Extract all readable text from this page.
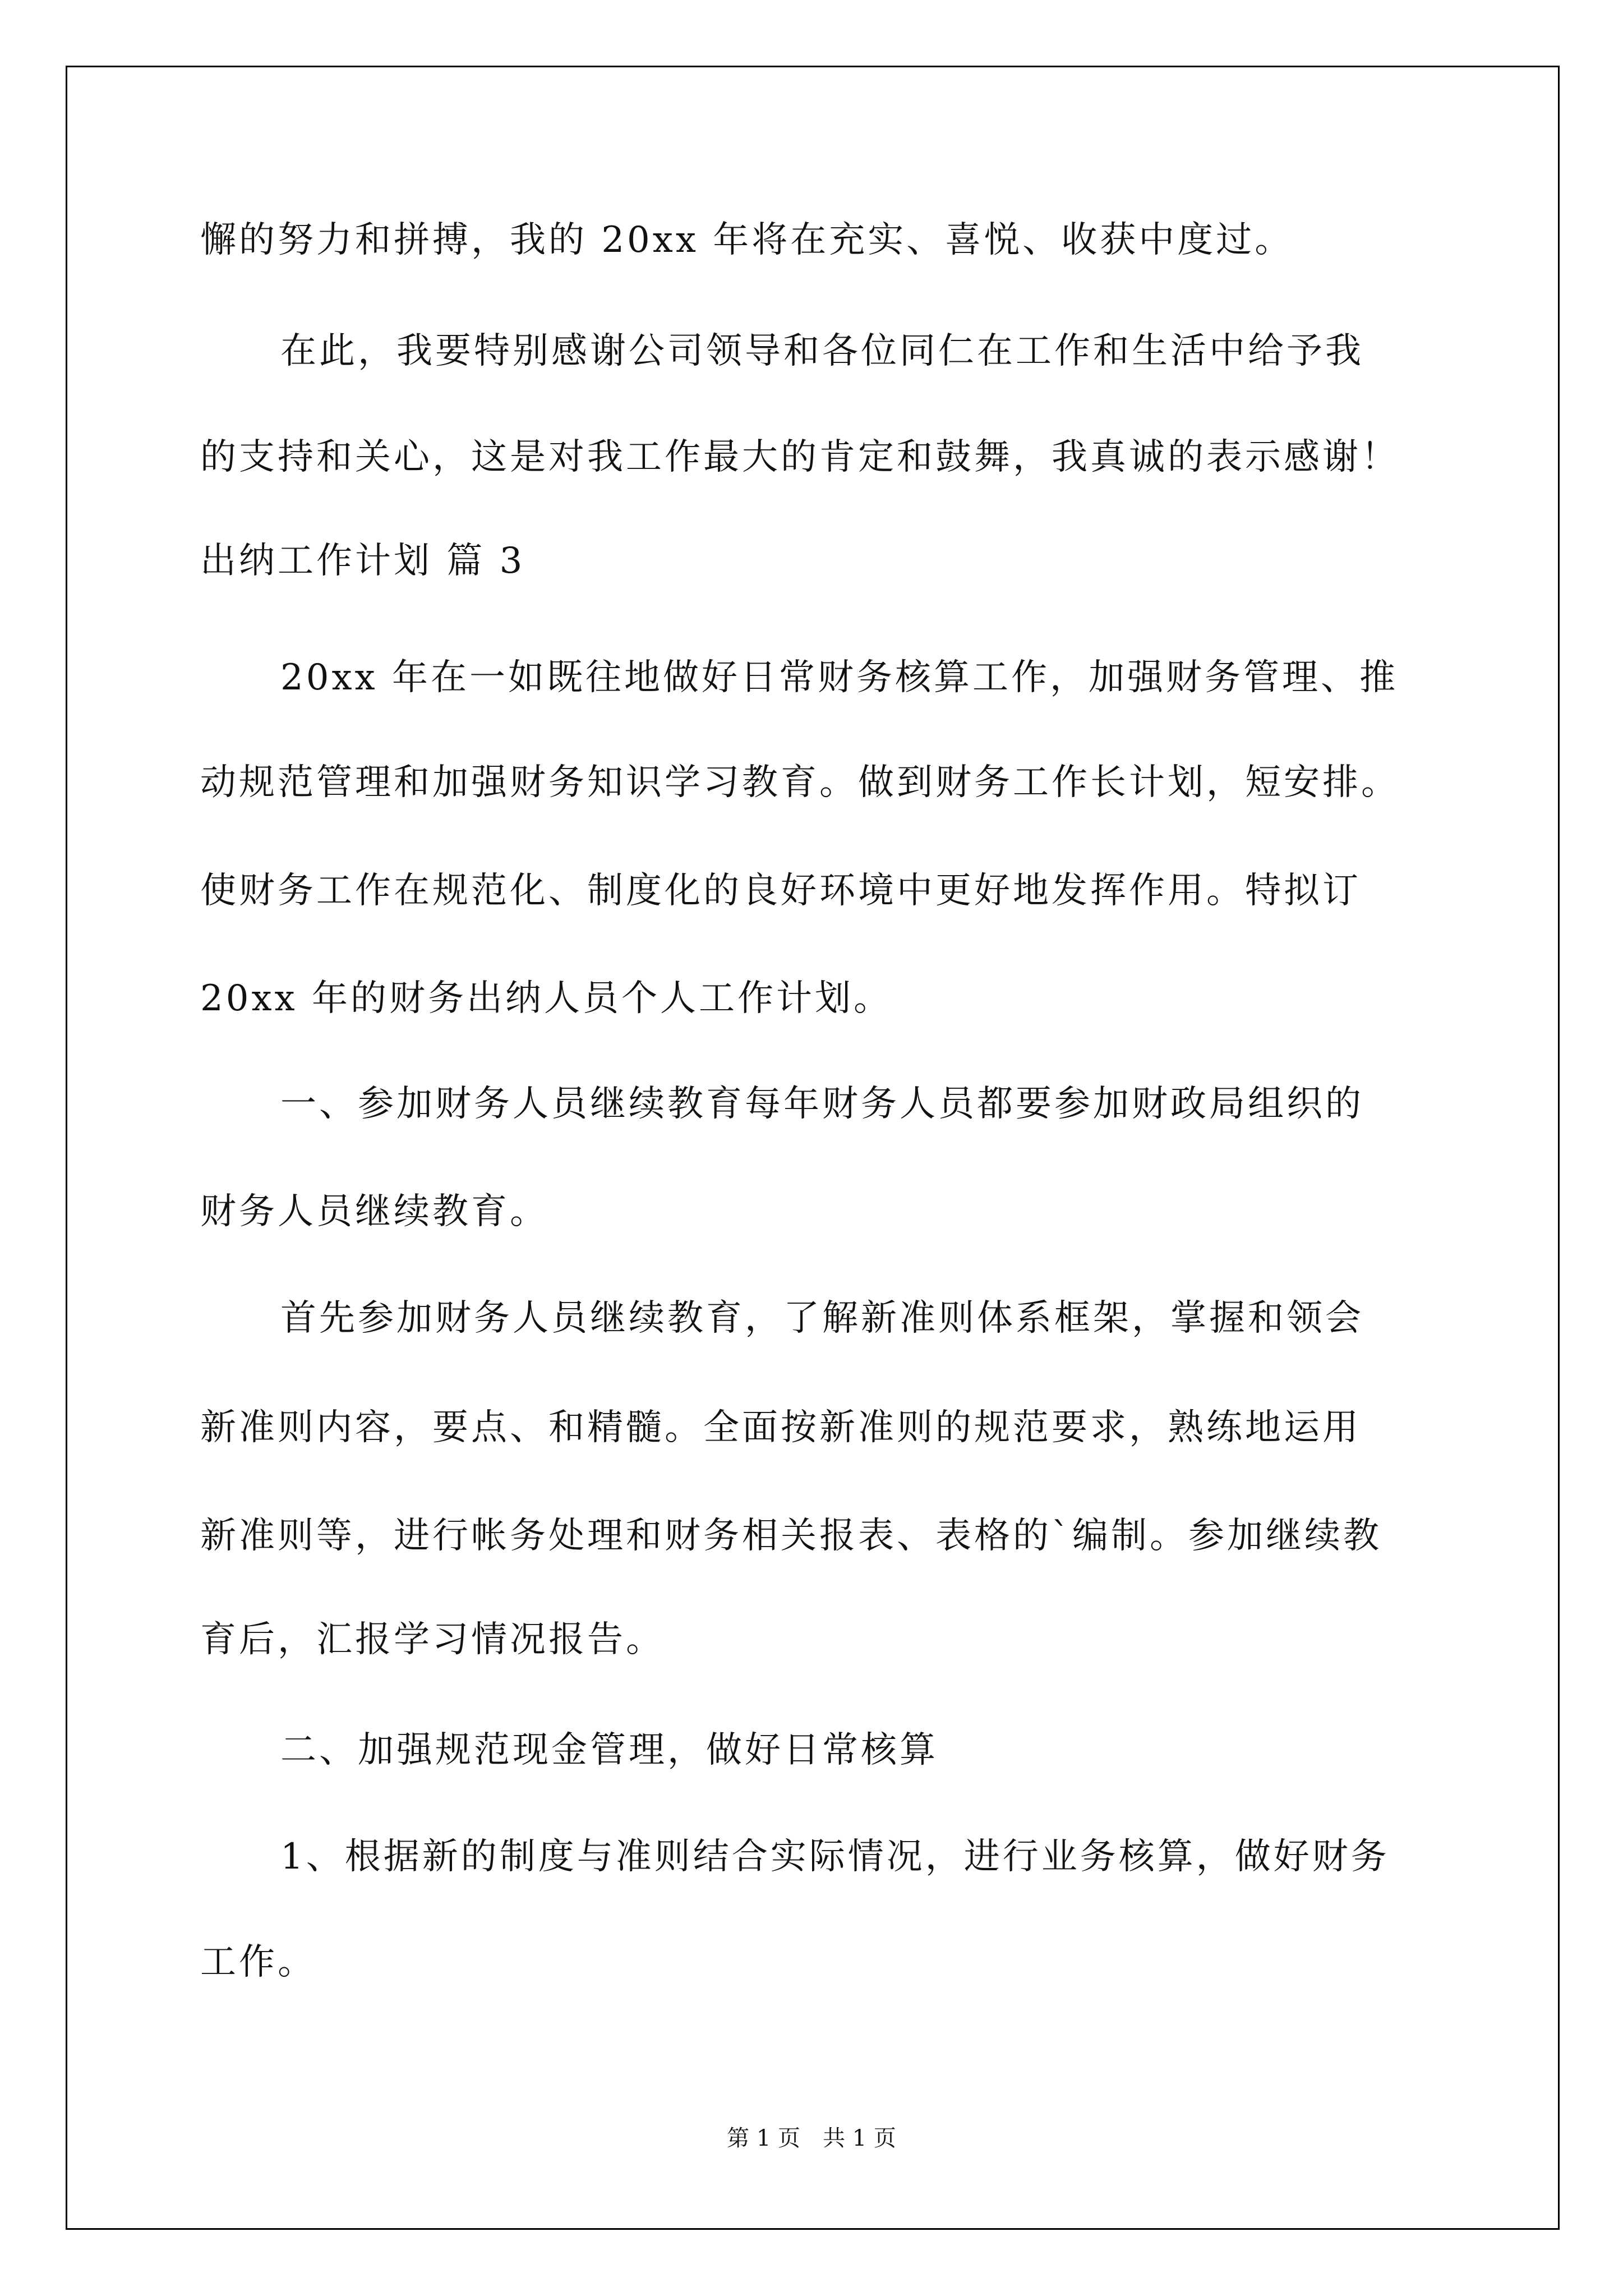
懈的努力和拼搏，我的 20xx 年将在充实、喜悦、收获中度过。
在此，我要特别感谢公司领导和各位同仁在工作和生活中给予我
的支持和关心，这是对我工作最大的肯定和鼓舞，我真诚的表示感谢！
出纳工作计划 篇 3
20xx 年在一如既往地做好日常财务核算工作，加强财务管理、推
动规范管理和加强财务知识学习教育。做到财务工作长计划，短安排。
使财务工作在规范化、制度化的良好环境中更好地发挥作用。特拟订
20xx 年的财务出纳人员个人工作计划。
一、参加财务人员继续教育每年财务人员都要参加财政局组织的
财务人员继续教育。
首先参加财务人员继续教育，了解新准则体系框架，掌握和领会
新准则内容，要点、和精髓。全面按新准则的规范要求，熟练地运用
新准则等，进行帐务处理和财务相关报表、表格的`编制。参加继续教
育后，汇报学习情况报告。
二、加强规范现金管理，做好日常核算
1、根据新的制度与准则结合实际情况，进行业务核算，做好财务
工作。
第 1 页　共 1 页
